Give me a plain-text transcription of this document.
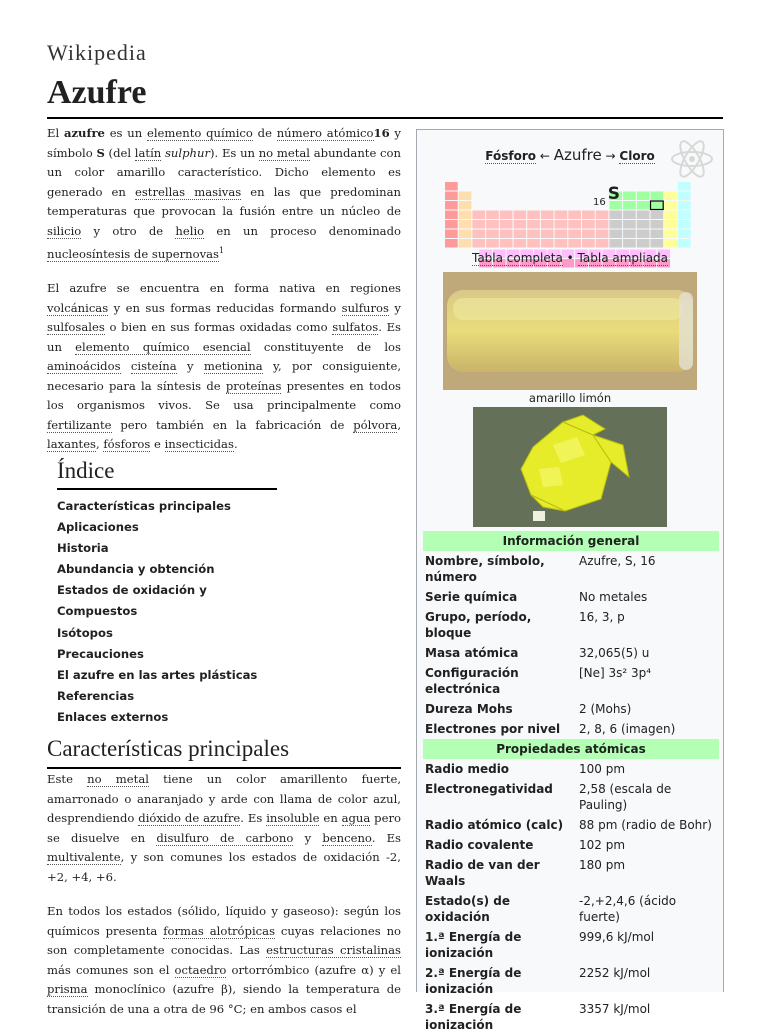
Wikipedia
Azufre

El azufre es un elemento químico de número atómico16 y símbolo S (del latín sulphur). Es un no metal abundante con un color amarillo característico. Dicho elemento es generado en estrellas masivas en las que predominan temperaturas que provocan la fusión entre un núcleo de silicio y otro de helio en un proceso denominado nucleosíntesis de supernovas$^1$

El azufre se encuentra en forma nativa en regiones volcánicas y en sus formas reducidas formando sulfuros y sulfosales o bien en sus formas oxidadas como sulfatos. Es un elemento químico esencial constituyente de los aminoácidos cisteína y metionina y, por consiguiente, necesario para la síntesis de proteínas presentes en todos los organismos vivos. Se usa principalmente como fertilizante pero también en la fabricación de pólvora, laxantes, fósforos e insecticidas.

Índice
Características principales
Aplicaciones
Historia
Abundancia y obtención
Estados de oxidación y Compuestos
Isótopos
Precauciones
El azufre en las artes plásticas
Referencias
Enlaces externos
Características principales

Este no metal tiene un color amarillento fuerte, amarronado o anaranjado y arde con llama de color azul, desprendiendo dióxido de azufre. Es insoluble en agua pero se disuelve en disulfuro de carbono y benceno. Es multivalente, y son comunes los estados de oxidación -2, +2, +4, +6.

En todos los estados (sólido, líquido y gaseoso): según los químicos presenta formas alotrópicas cuyas relaciones no son completamente conocidas. Las estructuras cristalinas más comunes son el octaedro ortorrómbico (azufre α) y el prisma monoclínico (azufre β), siendo la temperatura de transición de una a otra de 96 °C; en ambos casos el

Fósforo ← Azufre → Cloro
$_{16}$ S
Tabla completa • Tabla ampliada
amarillo limón
Información general	
Nombre, símbolo, número	Azufre, S, 16
Serie química	No metales
Grupo, período, bloque	16, 3, p
Masa atómica	32,065(5) u
Configuración electrónica	[Ne] 3s² 3p⁴
Dureza Mohs	2 (Mohs)
Electrones por nivel	2, 8, 6 (imagen)
Propiedades atómicas	
Radio medio	100 pm
Electronegatividad	2,58 (escala de Pauling)
Radio atómico (calc)	88 pm (radio de Bohr)
Radio covalente	102 pm
Radio de van der Waals	180 pm
Estado(s) de oxidación	-2,+2,4,6 (ácido fuerte)
1.ª Energía de ionización	999,6 kJ/mol
2.ª Energía de ionización	2252 kJ/mol
3.ª Energía de ionización	3357 kJ/mol
